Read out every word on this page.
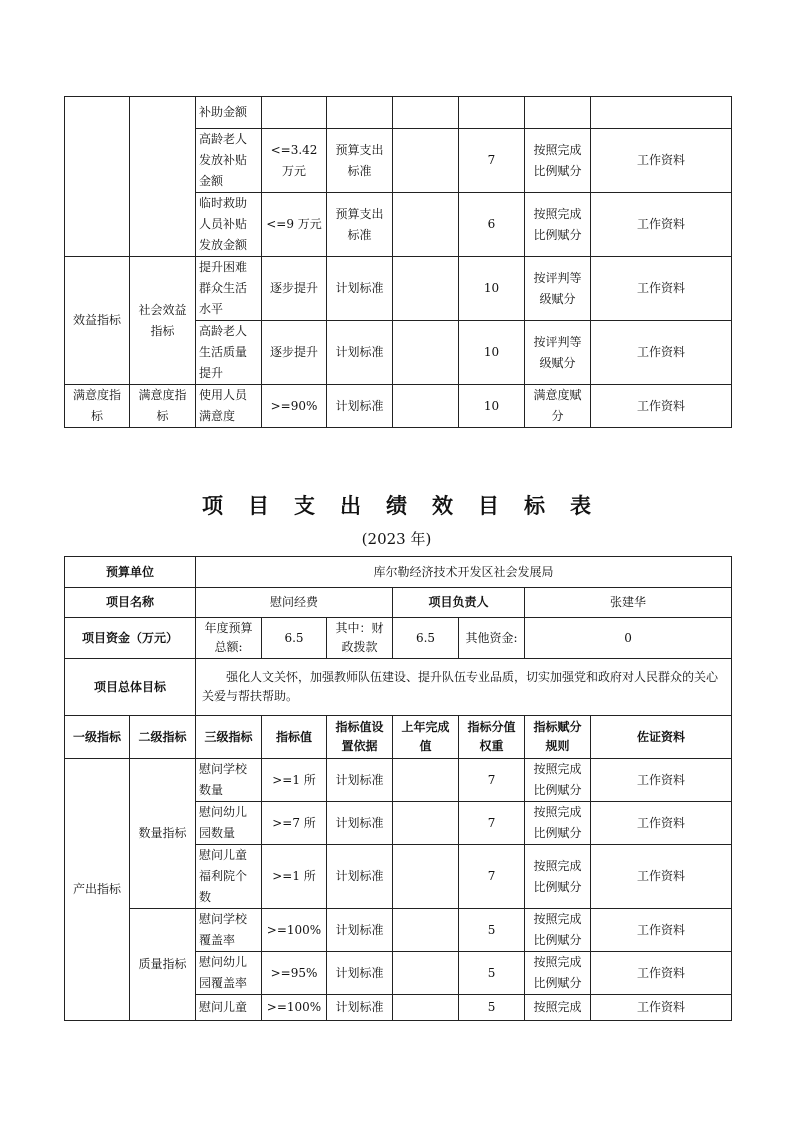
		补助金额						
		高龄老人发放补贴金额	<=3.42 万元	预算支出标准		7	按照完成比例赋分	工作资料
		临时救助人员补贴发放金额	<=9 万元	预算支出标准		6	按照完成比例赋分	工作资料
效益指标	社会效益指标	提升困难群众生活水平	逐步提升	计划标准		10	按评判等级赋分	工作资料
		高龄老人生活质量提升	逐步提升	计划标准		10	按评判等级赋分	工作资料
满意度指标	满意度指标	使用人员满意度	>=90%	计划标准		10	满意度赋分	工作资料
项目支出绩效目标表
(2023 年)
预算单位		库尔勒经济技术开发区社会发展局						
项目名称		慰问经费			项目负责人		张建华	
项目资金（万元）		年度预算总额:	6.5	其中：财政拨款	6.5	其他资金:	0	
项目总体目标		强化人文关怀，加强教师队伍建设、提升队伍专业品质，切实加强党和政府对人民群众的关心关爱与帮扶帮助。						
一级指标	二级指标	三级指标	指标值	指标值设置依据	上年完成值	指标分值权重	指标赋分规则	佐证资料
产出指标	数量指标	慰问学校数量	>=1 所	计划标准		7	按照完成比例赋分	工作资料
		慰问幼儿园数量	>=7 所	计划标准		7	按照完成比例赋分	工作资料
		慰问儿童福利院个数	>=1 所	计划标准		7	按照完成比例赋分	工作资料
	质量指标	慰问学校覆盖率	>=100%	计划标准		5	按照完成比例赋分	工作资料
		慰问幼儿园覆盖率	>=95%	计划标准		5	按照完成比例赋分	工作资料
		慰问儿童	>=100%	计划标准		5	按照完成	工作资料
